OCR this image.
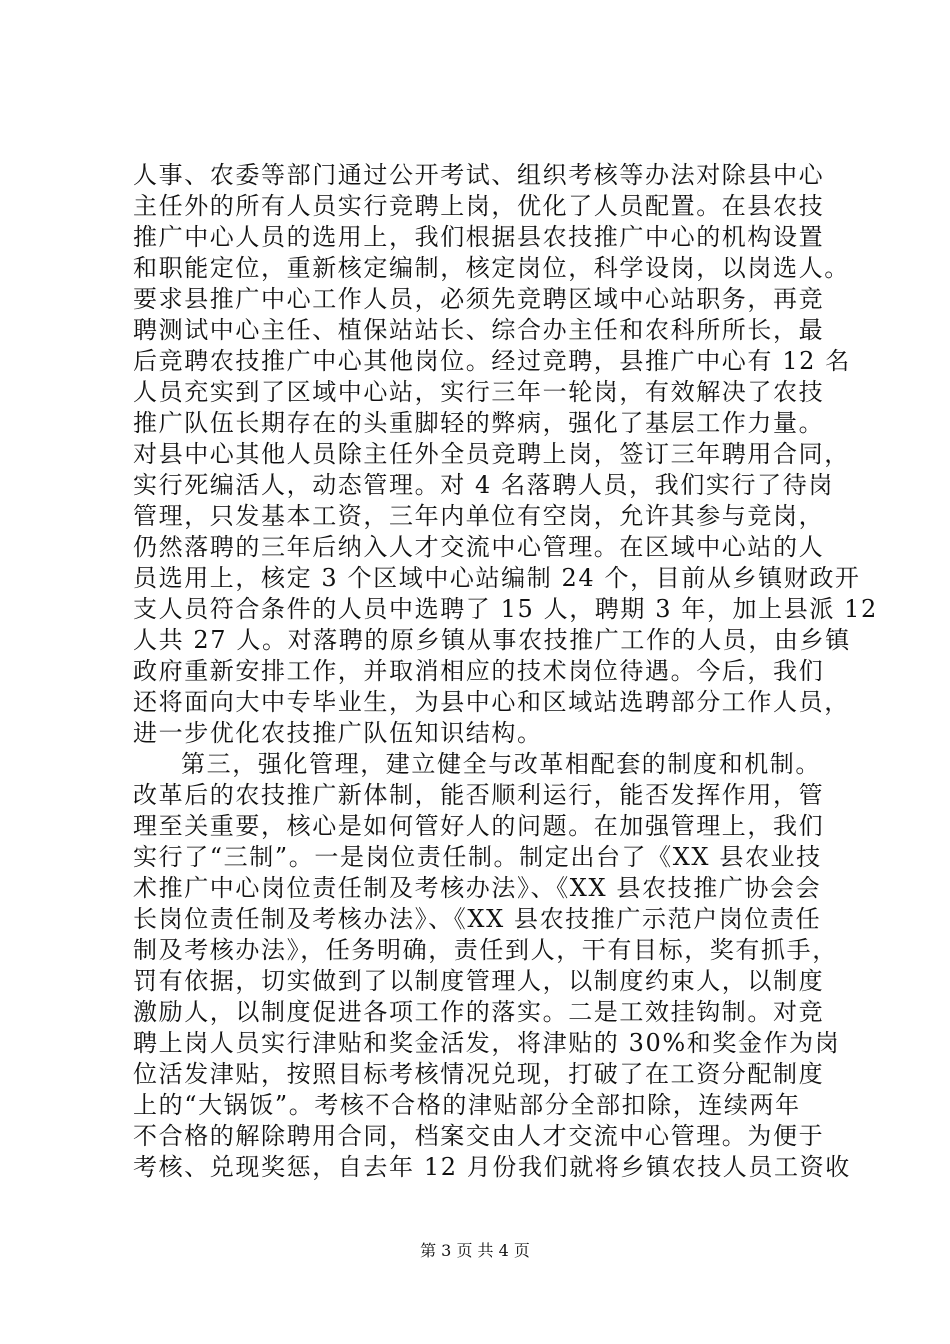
人事、农委等部门通过公开考试、组织考核等办法对除县中心
主任外的所有人员实行竞聘上岗，优化了人员配置。在县农技
推广中心人员的选用上，我们根据县农技推广中心的机构设置
和职能定位，重新核定编制，核定岗位，科学设岗，以岗选人。
要求县推广中心工作人员，必须先竞聘区域中心站职务，再竞
聘测试中心主任、植保站站长、综合办主任和农科所所长，最
后竞聘农技推广中心其他岗位。经过竞聘，县推广中心有 12 名
人员充实到了区域中心站，实行三年一轮岗，有效解决了农技
推广队伍长期存在的头重脚轻的弊病，强化了基层工作力量。
对县中心其他人员除主任外全员竞聘上岗，签订三年聘用合同，
实行死编活人，动态管理。对 4 名落聘人员，我们实行了待岗
管理，只发基本工资，三年内单位有空岗，允许其参与竞岗，
仍然落聘的三年后纳入人才交流中心管理。在区域中心站的人
员选用上，核定 3 个区域中心站编制 24 个，目前从乡镇财政开
支人员符合条件的人员中选聘了 15 人，聘期 3 年，加上县派 12
人共 27 人。对落聘的原乡镇从事农技推广工作的人员，由乡镇
政府重新安排工作，并取消相应的技术岗位待遇。今后，我们
还将面向大中专毕业生，为县中心和区域站选聘部分工作人员，
进一步优化农技推广队伍知识结构。
第三，强化管理，建立健全与改革相配套的制度和机制。
改革后的农技推广新体制，能否顺利运行，能否发挥作用，管
理至关重要，核心是如何管好人的问题。在加强管理上，我们
实行了“三制”。一是岗位责任制。制定出台了《XX 县农业技
术推广中心岗位责任制及考核办法》、《XX 县农技推广协会会
长岗位责任制及考核办法》、《XX 县农技推广示范户岗位责任
制及考核办法》，任务明确，责任到人，干有目标，奖有抓手，
罚有依据，切实做到了以制度管理人，以制度约束人，以制度
激励人，以制度促进各项工作的落实。二是工效挂钩制。对竞
聘上岗人员实行津贴和奖金活发，将津贴的 30%和奖金作为岗
位活发津贴，按照目标考核情况兑现，打破了在工资分配制度
上的“大锅饭”。考核不合格的津贴部分全部扣除，连续两年
不合格的解除聘用合同，档案交由人才交流中心管理。为便于
考核、兑现奖惩，自去年 12 月份我们就将乡镇农技人员工资收
第 3 页 共 4 页
